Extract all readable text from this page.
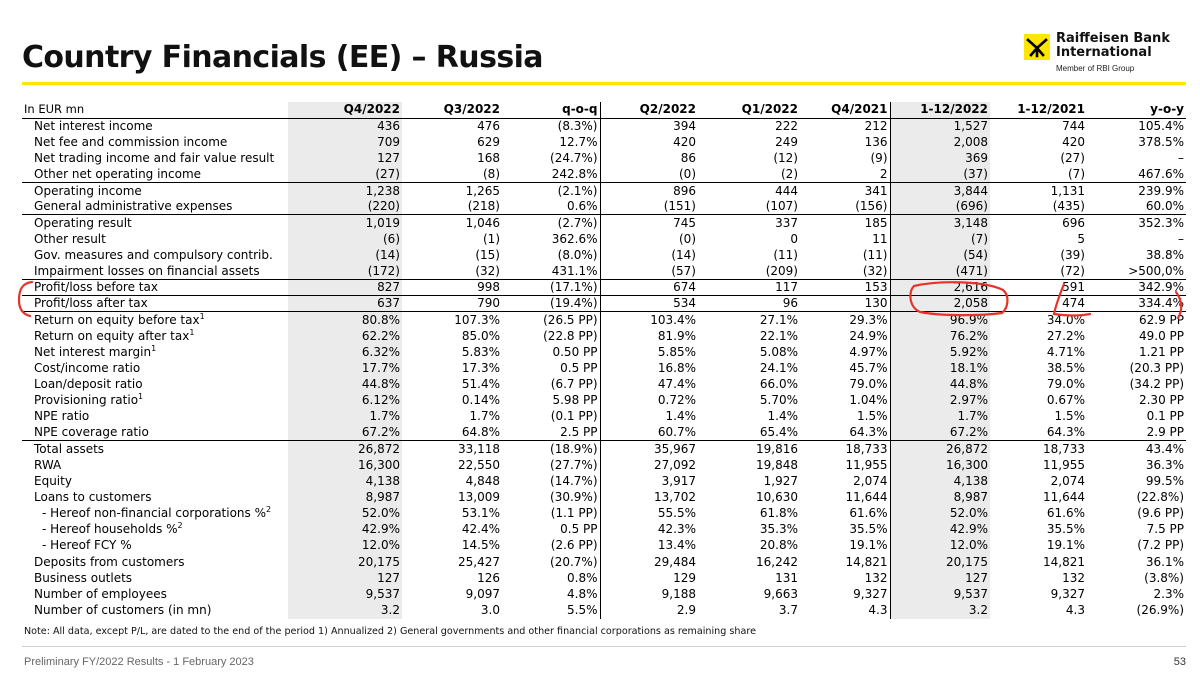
Country Financials (EE) – Russia
Raiffeisen Bank
International
Member of RBI Group
In EUR mn	Q4/2022	Q3/2022	q-o-q	Q2/2022	Q1/2022	Q4/2021	1-12/2022	1-12/2021	y-o-y
Net interest income	436	476	(8.3%)	394	222	212	1,527	744	105.4%
Net fee and commission income	709	629	12.7%	420	249	136	2,008	420	378.5%
Net trading income and fair value result	127	168	(24.7%)	86	(12)	(9)	369	(27)	–
Other net operating income	(27)	(8)	242.8%	(0)	(2)	2	(37)	(7)	467.6%
Operating income	1,238	1,265	(2.1%)	896	444	341	3,844	1,131	239.9%
General administrative expenses	(220)	(218)	0.6%	(151)	(107)	(156)	(696)	(435)	60.0%
Operating result	1,019	1,046	(2.7%)	745	337	185	3,148	696	352.3%
Other result	(6)	(1)	362.6%	(0)	0	11	(7)	5	–
Gov. measures and compulsory contrib.	(14)	(15)	(8.0%)	(14)	(11)	(11)	(54)	(39)	38.8%
Impairment losses on financial assets	(172)	(32)	431.1%	(57)	(209)	(32)	(471)	(72)	>500,0%
Profit/loss before tax	827	998	(17.1%)	674	117	153	2,616	591	342.9%
Profit/loss after tax	637	790	(19.4%)	534	96	130	2,058	474	334.4%
Return on equity before tax$^1$	80.8%	107.3%	(26.5 PP)	103.4%	27.1%	29.3%	96.9%	34.0%	62.9 PP
Return on equity after tax$^1$	62.2%	85.0%	(22.8 PP)	81.9%	22.1%	24.9%	76.2%	27.2%	49.0 PP
Net interest margin$^1$	6.32%	5.83%	0.50 PP	5.85%	5.08%	4.97%	5.92%	4.71%	1.21 PP
Cost/income ratio	17.7%	17.3%	0.5 PP	16.8%	24.1%	45.7%	18.1%	38.5%	(20.3 PP)
Loan/deposit ratio	44.8%	51.4%	(6.7 PP)	47.4%	66.0%	79.0%	44.8%	79.0%	(34.2 PP)
Provisioning ratio$^1$	6.12%	0.14%	5.98 PP	0.72%	5.70%	1.04%	2.97%	0.67%	2.30 PP
NPE ratio	1.7%	1.7%	(0.1 PP)	1.4%	1.4%	1.5%	1.7%	1.5%	0.1 PP
NPE coverage ratio	67.2%	64.8%	2.5 PP	60.7%	65.4%	64.3%	67.2%	64.3%	2.9 PP
Total assets	26,872	33,118	(18.9%)	35,967	19,816	18,733	26,872	18,733	43.4%
RWA	16,300	22,550	(27.7%)	27,092	19,848	11,955	16,300	11,955	36.3%
Equity	4,138	4,848	(14.7%)	3,917	1,927	2,074	4,138	2,074	99.5%
Loans to customers	8,987	13,009	(30.9%)	13,702	10,630	11,644	8,987	11,644	(22.8%)
- Hereof non-financial corporations %$^2$	52.0%	53.1%	(1.1 PP)	55.5%	61.8%	61.6%	52.0%	61.6%	(9.6 PP)
- Hereof households %$^2$	42.9%	42.4%	0.5 PP	42.3%	35.3%	35.5%	42.9%	35.5%	7.5 PP
- Hereof FCY %	12.0%	14.5%	(2.6 PP)	13.4%	20.8%	19.1%	12.0%	19.1%	(7.2 PP)
Deposits from customers	20,175	25,427	(20.7%)	29,484	16,242	14,821	20,175	14,821	36.1%
Business outlets	127	126	0.8%	129	131	132	127	132	(3.8%)
Number of employees	9,537	9,097	4.8%	9,188	9,663	9,327	9,537	9,327	2.3%
Number of customers (in mn)	3.2	3.0	5.5%	2.9	3.7	4.3	3.2	4.3	(26.9%)
Note: All data, except P/L, are dated to the end of the period 1) Annualized 2) General governments and other financial corporations as remaining share
Preliminary FY/2022 Results - 1 February 2023	53
